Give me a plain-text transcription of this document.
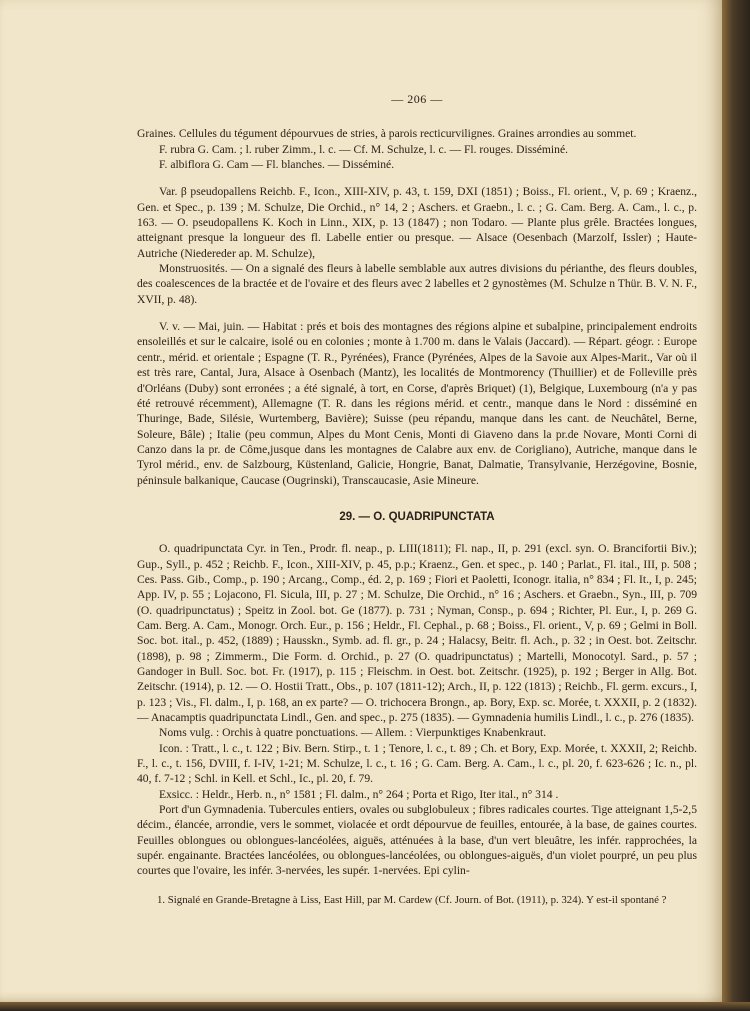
— 206 —

Graines. Cellules du tégument dépourvues de stries, à parois recticurvilignes. Graines arrondies au sommet.

F. rubra G. Cam. ; l. ruber Zimm., l. c. — Cf. M. Schulze, l. c. — Fl. rouges. Disséminé.

F. albiflora G. Cam — Fl. blanches. — Disséminé.

Var. β pseudopallens Reichb. F., Icon., XIII-XIV, p. 43, t. 159, DXI (1851) ; Boiss., Fl. orient., V, p. 69 ; Kraenz., Gen. et Spec., p. 139 ; M. Schulze, Die Orchid., n° 14, 2 ; Aschers. et Graebn., l. c. ; G. Cam. Berg. A. Cam., l. c., p. 163. — O. pseudopallens K. Koch in Linn., XIX, p. 13 (1847) ; non Todaro. — Plante plus grêle. Bractées longues, atteignant presque la longueur des fl. Labelle entier ou presque. — Alsace (Oesenbach (Marzolf, Issler) ; Haute-Autriche (Niedereder ap. M. Schulze),

Monstruosités. — On a signalé des fleurs à labelle semblable aux autres divisions du périanthe, des fleurs doubles, des coalescences de la bractée et de l'ovaire et des fleurs avec 2 labelles et 2 gynostèmes (M. Schulze n Thür. B. V. N. F., XVII, p. 48).

V. v. — Mai, juin. — Habitat : prés et bois des montagnes des régions alpine et subalpine, principalement endroits ensoleillés et sur le calcaire, isolé ou en colonies ; monte à 1.700 m. dans le Valais (Jaccard). — Répart. géogr. : Europe centr., mérid. et orientale ; Espagne (T. R., Pyrénées), France (Pyrénées, Alpes de la Savoie aux Alpes-Marit., Var où il est très rare, Cantal, Jura, Alsace à Osenbach (Mantz), les localités de Montmorency (Thuillier) et de Folleville près d'Orléans (Duby) sont erronées ; a été signalé, à tort, en Corse, d'après Briquet) (1), Belgique, Luxembourg (n'a y pas été retrouvé récemment), Allemagne (T. R. dans les régions mérid. et centr., manque dans le Nord : disséminé en Thuringe, Bade, Silésie, Wurtemberg, Bavière); Suisse (peu répandu, manque dans les cant. de Neuchâtel, Berne, Soleure, Bâle) ; Italie (peu commun, Alpes du Mont Cenis, Monti di Giaveno dans la pr.de Novare, Monti Corni di Canzo dans la pr. de Côme,jusque dans les montagnes de Calabre aux env. de Corigliano), Autriche, manque dans le Tyrol mérid., env. de Salzbourg, Küstenland, Galicie, Hongrie, Banat, Dalmatie, Transylvanie, Herzégovine, Bosnie, péninsule balkanique, Caucase (Ougrinski), Transcaucasie, Asie Mineure.

29. — O. QUADRIPUNCTATA

O. quadripunctata Cyr. in Ten., Prodr. fl. neap., p. LIII(1811); Fl. nap., II, p. 291 (excl. syn. O. Brancifortii Biv.); Gup., Syll., p. 452 ; Reichb. F., Icon., XIII-XIV, p. 45, p.p.; Kraenz., Gen. et spec., p. 140 ; Parlat., Fl. ital., III, p. 508 ; Ces. Pass. Gib., Comp., p. 190 ; Arcang., Comp., éd. 2, p. 169 ; Fiori et Paoletti, Iconogr. italia, n° 834 ; Fl. It., I, p. 245; App. IV, p. 55 ; Lojacono, Fl. Sicula, III, p. 27 ; M. Schulze, Die Orchid., n° 16 ; Aschers. et Graebn., Syn., III, p. 709 (O. quadripunctatus) ; Speitz in Zool. bot. Ge (1877). p. 731 ; Nyman, Consp., p. 694 ; Richter, Pl. Eur., I, p. 269 G. Cam. Berg. A. Cam., Monogr. Orch. Eur., p. 156 ; Heldr., Fl. Cephal., p. 68 ; Boiss., Fl. orient., V, p. 69 ; Gelmi in Boll. Soc. bot. ital., p. 452, (1889) ; Hausskn., Symb. ad. fl. gr., p. 24 ; Halacsy, Beitr. fl. Ach., p. 32 ; in Oest. bot. Zeitschr. (1898), p. 98 ; Zimmerm., Die Form. d. Orchid., p. 27 (O. quadripunctatus) ; Martelli, Monocotyl. Sard., p. 57 ; Gandoger in Bull. Soc. bot. Fr. (1917), p. 115 ; Fleischm. in Oest. bot. Zeitschr. (1925), p. 192 ; Berger in Allg. Bot. Zeitschr. (1914), p. 12. — O. Hostii Tratt., Obs., p. 107 (1811-12); Arch., II, p. 122 (1813) ; Reichb., Fl. germ. excurs., I, p. 123 ; Vis., Fl. dalm., I, p. 168, an ex parte? — O. trichocera Brongn., ap. Bory, Exp. sc. Morée, t. XXXII, p. 2 (1832). — Anacamptis quadripunctata Lindl., Gen. and spec., p. 275 (1835). — Gymnadenia humilis Lindl., l. c., p. 276 (1835).

Noms vulg. : Orchis à quatre ponctuations. — Allem. : Vierpunktiges Knabenkraut.

Icon. : Tratt., l. c., t. 122 ; Biv. Bern. Stirp., t. 1 ; Tenore, l. c., t. 89 ; Ch. et Bory, Exp. Morée, t. XXXII, 2; Reichb. F., l. c., t. 156, DVIII, f. I-IV, 1-21; M. Schulze, l. c., t. 16 ; G. Cam. Berg. A. Cam., l. c., pl. 20, f. 623-626 ; Ic. n., pl. 40, f. 7-12 ; Schl. in Kell. et Schl., Ic., pl. 20, f. 79.

Exsicc. : Heldr., Herb. n., n° 1581 ; Fl. dalm., n° 264 ; Porta et Rigo, Iter ital., n° 314 .

Port d'un Gymnadenia. Tubercules entiers, ovales ou subglobuleux ; fibres radicales courtes. Tige atteignant 1,5-2,5 décim., élancée, arrondie, vers le sommet, violacée et ordt dépourvue de feuilles, entourée, à la base, de gaines courtes. Feuilles oblongues ou oblongues-lancéolées, aiguës, atténuées à la base, d'un vert bleuâtre, les infér. rapprochées, la supér. engainante. Bractées lancéolées, ou oblongues-lancéolées, ou oblongues-aiguës, d'un violet pourpré, un peu plus courtes que l'ovaire, les infér. 3-nervées, les supér. 1-nervées. Epi cylin-

1. Signalé en Grande-Bretagne à Liss, East Hill, par M. Cardew (Cf. Journ. of Bot. (1911), p. 324). Y est-il spontané ?
